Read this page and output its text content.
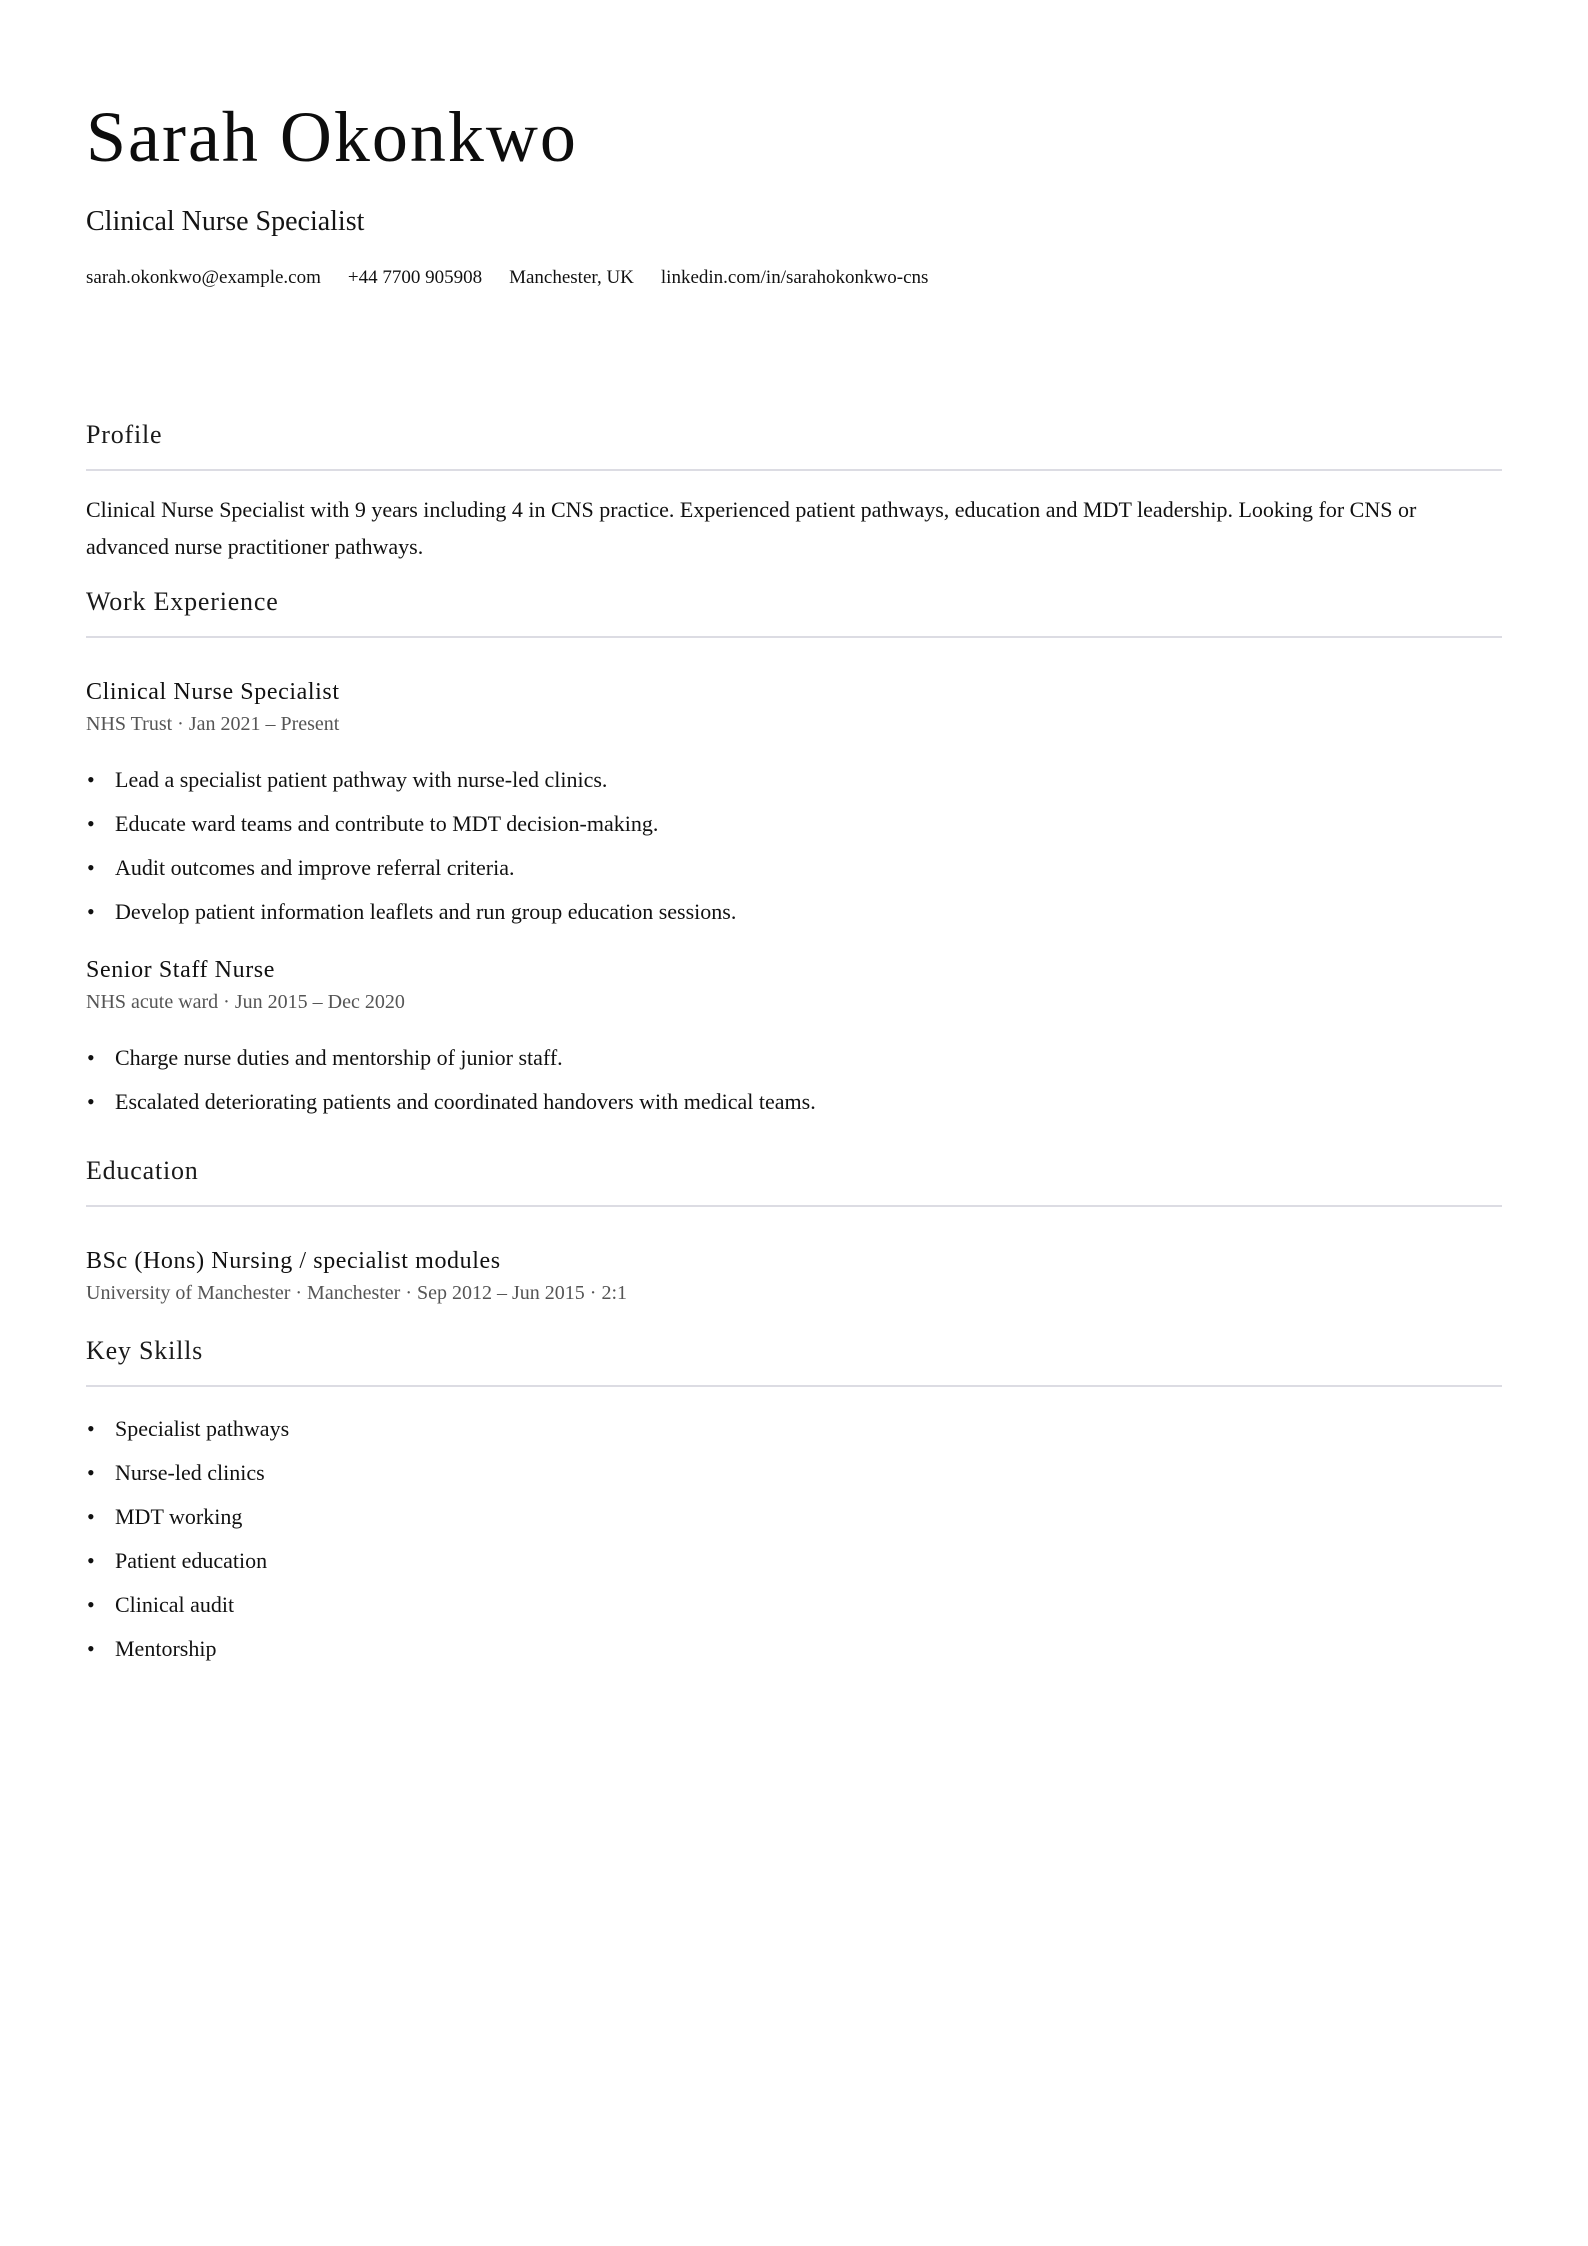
Sarah Okonkwo
Clinical Nurse Specialist
sarah.okonkwo@example.com +44 7700 905908 Manchester, UK linkedin.com/in/sarahokonkwo-cns
Profile

Clinical Nurse Specialist with 9 years including 4 in CNS practice. Experienced patient pathways, education and MDT leadership. Looking for CNS or advanced nurse practitioner pathways.

Work Experience
Clinical Nurse Specialist

NHS Trust · Jan 2021 – Present

• Lead a specialist patient pathway with nurse-led clinics.
• Educate ward teams and contribute to MDT decision-making.
• Audit outcomes and improve referral criteria.
• Develop patient information leaflets and run group education sessions.
Senior Staff Nurse

NHS acute ward · Jun 2015 – Dec 2020

• Charge nurse duties and mentorship of junior staff.
• Escalated deteriorating patients and coordinated handovers with medical teams.
Education
BSc (Hons) Nursing / specialist modules

University of Manchester · Manchester · Sep 2012 – Jun 2015 · 2:1

Key Skills
• Specialist pathways
• Nurse-led clinics
• MDT working
• Patient education
• Clinical audit
• Mentorship
